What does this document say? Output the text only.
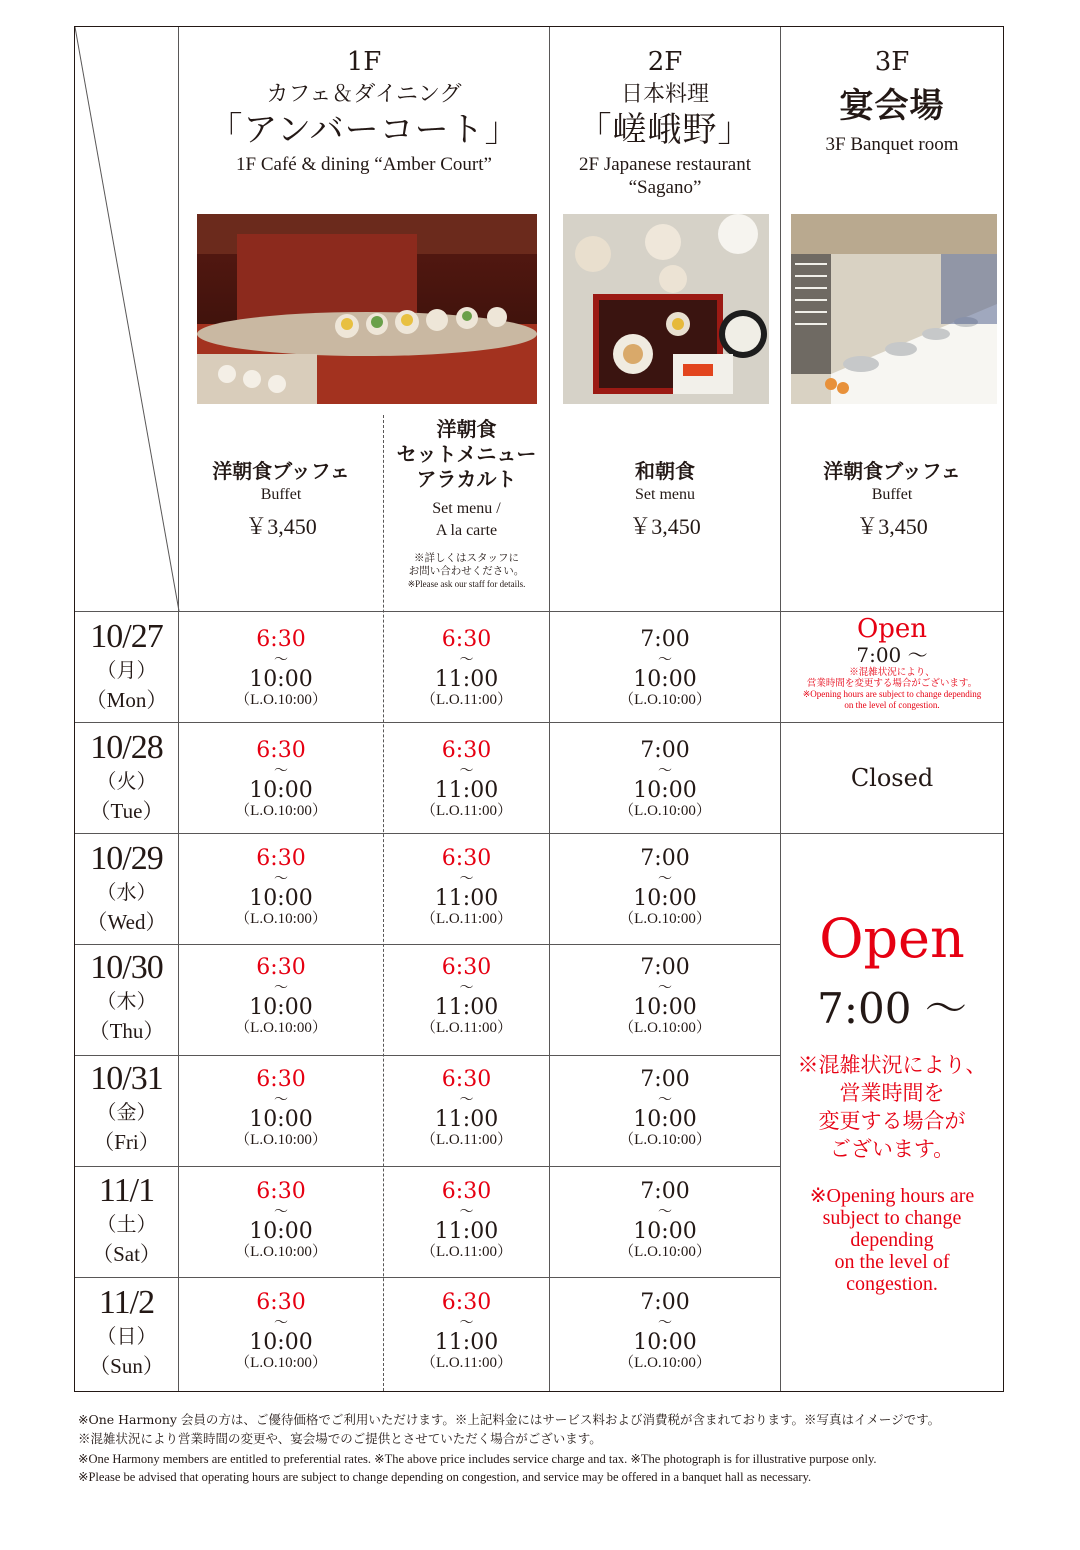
1F
カフェ＆ダイニング
「アンバーコート」
1F Café & dining “Amber Court”
2F
日本料理
「嵯峨野」
2F Japanese restaurant
“Sagano”
3F
宴会場
3F Banquet room
洋朝食ブッフェ
Buffet
￥3,450
洋朝食
セットメニュー
アラカルト
Set menu /
A la carte
※詳しくはスタッフに
お問い合わせください。
※Please ask our staff for details.
和朝食
Set menu
￥3,450
洋朝食ブッフェ
Buffet
￥3,450
10/27
（月）
（Mon）
6:30
〜
10:00
（L.O.10:00）
6:30
〜
11:00
（L.O.11:00）
7:00
〜
10:00
（L.O.10:00）
Open
7:00 〜
※混雑状況により、
営業時間を変更する場合がございます。
※Opening hours are subject to change depending
on the level of congestion.
10/28
（火）
（Tue）
6:30
〜
10:00
（L.O.10:00）
6:30
〜
11:00
（L.O.11:00）
7:00
〜
10:00
（L.O.10:00）
Closed
10/29
（水）
（Wed）
6:30
〜
10:00
（L.O.10:00）
6:30
〜
11:00
（L.O.11:00）
7:00
〜
10:00
（L.O.10:00）
10/30
（木）
（Thu）
6:30
〜
10:00
（L.O.10:00）
6:30
〜
11:00
（L.O.11:00）
7:00
〜
10:00
（L.O.10:00）
10/31
（金）
（Fri）
6:30
〜
10:00
（L.O.10:00）
6:30
〜
11:00
（L.O.11:00）
7:00
〜
10:00
（L.O.10:00）
11/1
（土）
（Sat）
6:30
〜
10:00
（L.O.10:00）
6:30
〜
11:00
（L.O.11:00）
7:00
〜
10:00
（L.O.10:00）
11/2
（日）
（Sun）
6:30
〜
10:00
（L.O.10:00）
6:30
〜
11:00
（L.O.11:00）
7:00
〜
10:00
（L.O.10:00）
Open
7:00 〜
※混雑状況により、
営業時間を
変更する場合が
ございます。
※Opening hours are
subject to change
depending
on the level of
congestion.
※One Harmony 会員の方は、ご優待価格でご利用いただけます。※上記料金にはサービス料および消費税が含まれております。※写真はイメージです。
※混雑状況により営業時間の変更や、宴会場でのご提供とさせていただく場合がございます。
※One Harmony members are entitled to preferential rates. ※The above price includes service charge and tax. ※The photograph is for illustrative purpose only.
※Please be advised that operating hours are subject to change depending on congestion, and service may be offered in a banquet hall as necessary.
